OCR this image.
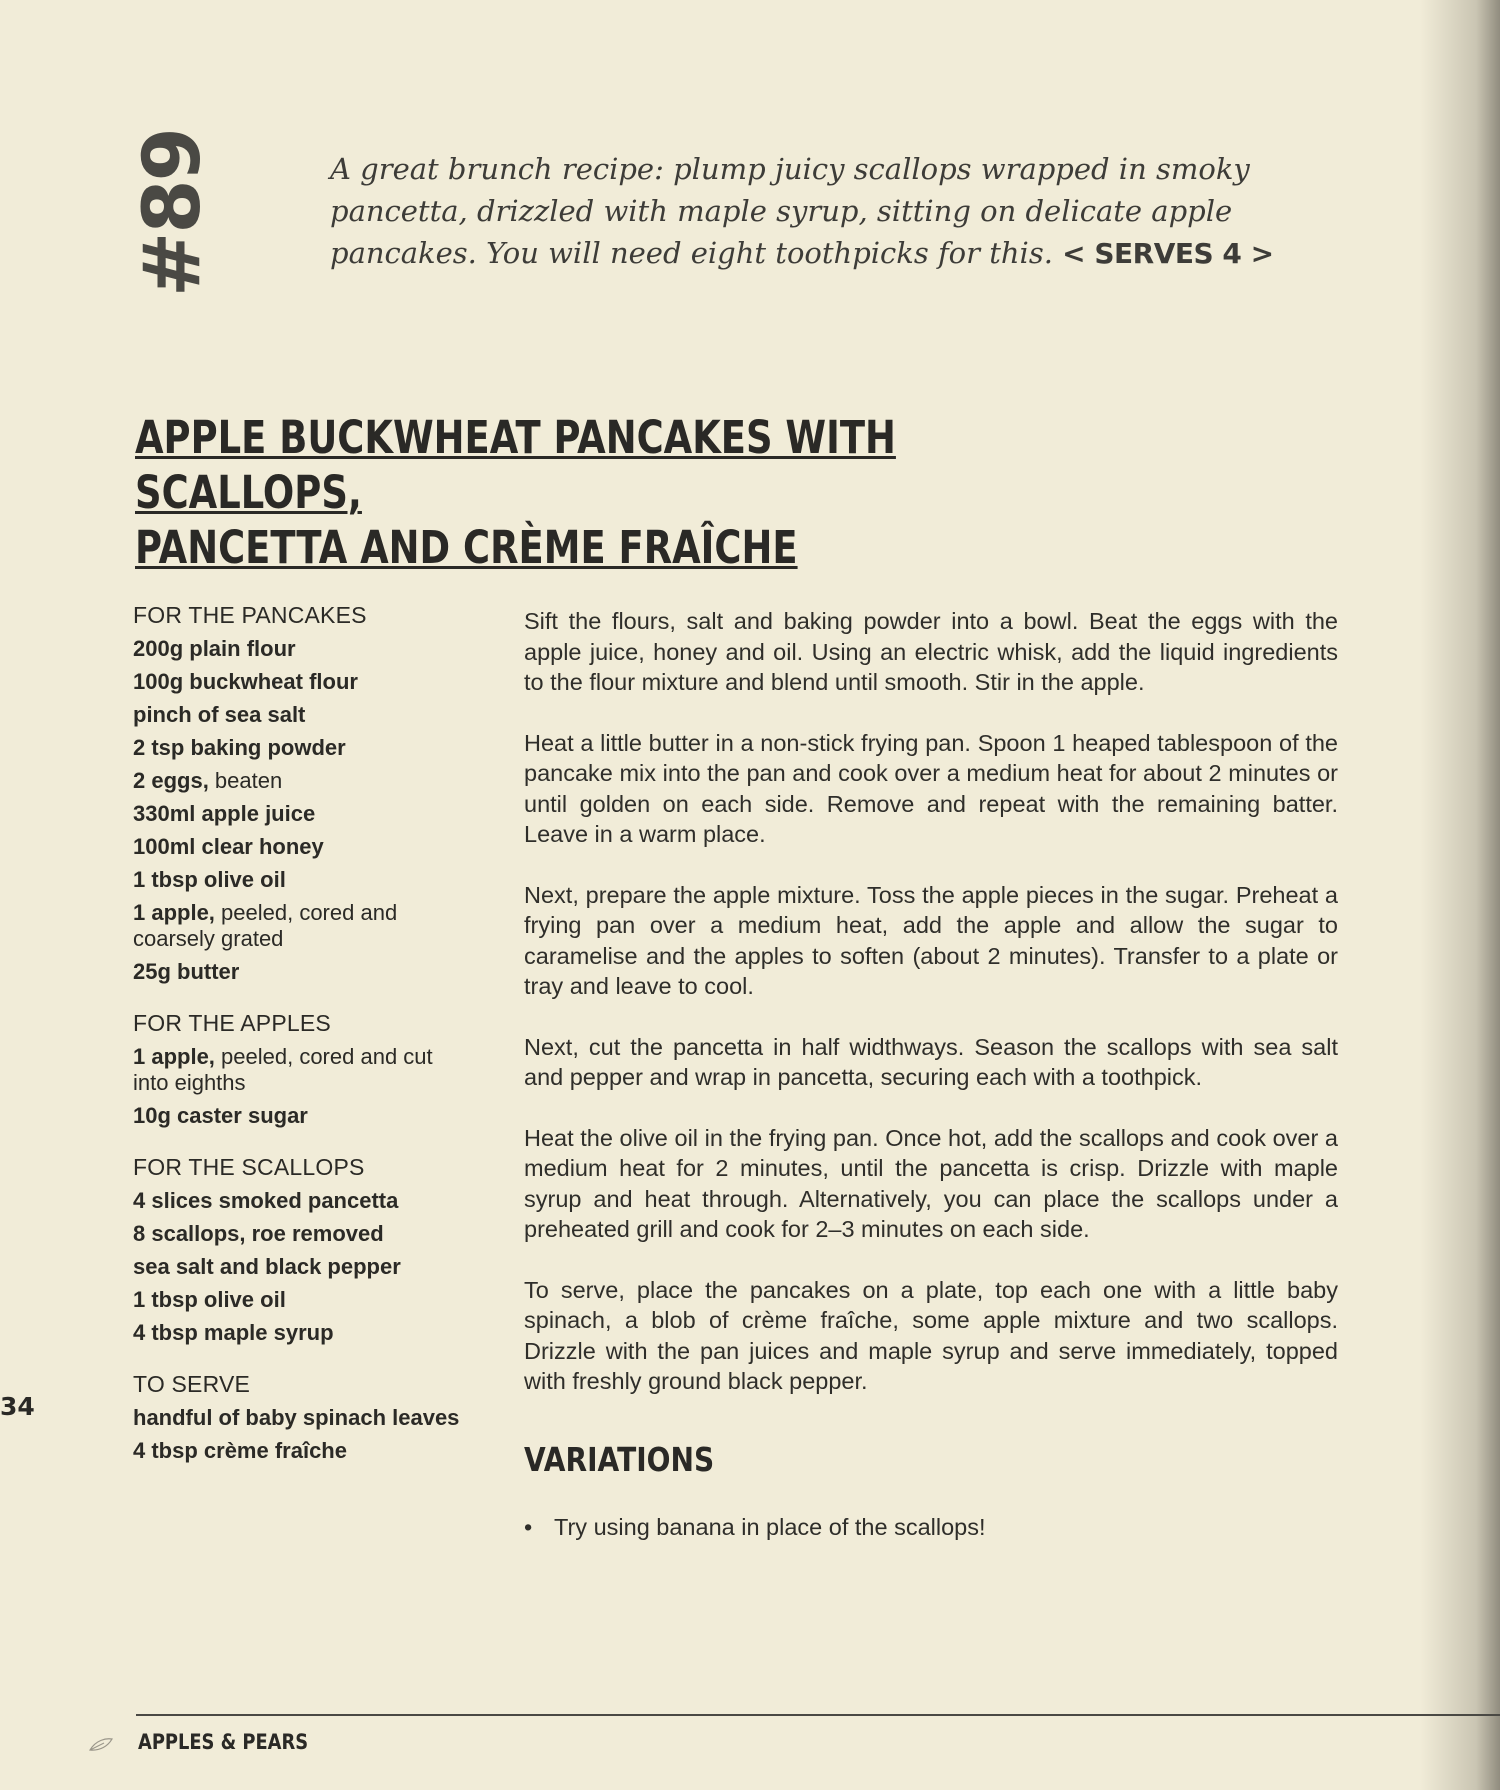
#89	A great brunch recipe: plump juicy scallops wrapped in smoky pancetta, drizzled with maple syrup, sitting on delicate apple pancakes. You will need eight toothpicks for this. < SERVES 4 >
APPLE BUCKWHEAT PANCAKES WITH SCALLOPS,
PANCETTA AND CRÈME FRAÎCHE
FOR THE PANCAKES
200g plain flour
100g buckwheat flour
pinch of sea salt
2 tsp baking powder
2 eggs, beaten
330ml apple juice
100ml clear honey
1 tbsp olive oil
1 apple, peeled, cored and coarsely grated
25g butter
FOR THE APPLES
1 apple, peeled, cored and cut into eighths
10g caster sugar
FOR THE SCALLOPS
4 slices smoked pancetta
8 scallops, roe removed
sea salt and black pepper
1 tbsp olive oil
4 tbsp maple syrup
TO SERVE
handful of baby spinach leaves
4 tbsp crème fraîche

Sift the flours, salt and baking powder into a bowl. Beat the eggs with the apple juice, honey and oil. Using an electric whisk, add the liquid ingredients to the flour mixture and blend until smooth. Stir in the apple.

Heat a little butter in a non-stick frying pan. Spoon 1 heaped tablespoon of the pancake mix into the pan and cook over a medium heat for about 2 minutes or until golden on each side. Remove and repeat with the remaining batter. Leave in a warm place.

Next, prepare the apple mixture. Toss the apple pieces in the sugar. Preheat a frying pan over a medium heat, add the apple and allow the sugar to caramelise and the apples to soften (about 2 minutes). Transfer to a plate or tray and leave to cool.

Next, cut the pancetta in half widthways. Season the scallops with sea salt and pepper and wrap in pancetta, securing each with a toothpick.

Heat the olive oil in the frying pan. Once hot, add the scallops and cook over a medium heat for 2 minutes, until the pancetta is crisp. Drizzle with maple syrup and heat through. Alternatively, you can place the scallops under a preheated grill and cook for 2–3 minutes on each side.

To serve, place the pancakes on a plate, top each one with a little baby spinach, a blob of crème fraîche, some apple mixture and two scallops. Drizzle with the pan juices and maple syrup and serve immediately, topped with freshly ground black pepper.

VARIATIONS
• Try using banana in place of the scallops!
34
APPLES & PEARS
